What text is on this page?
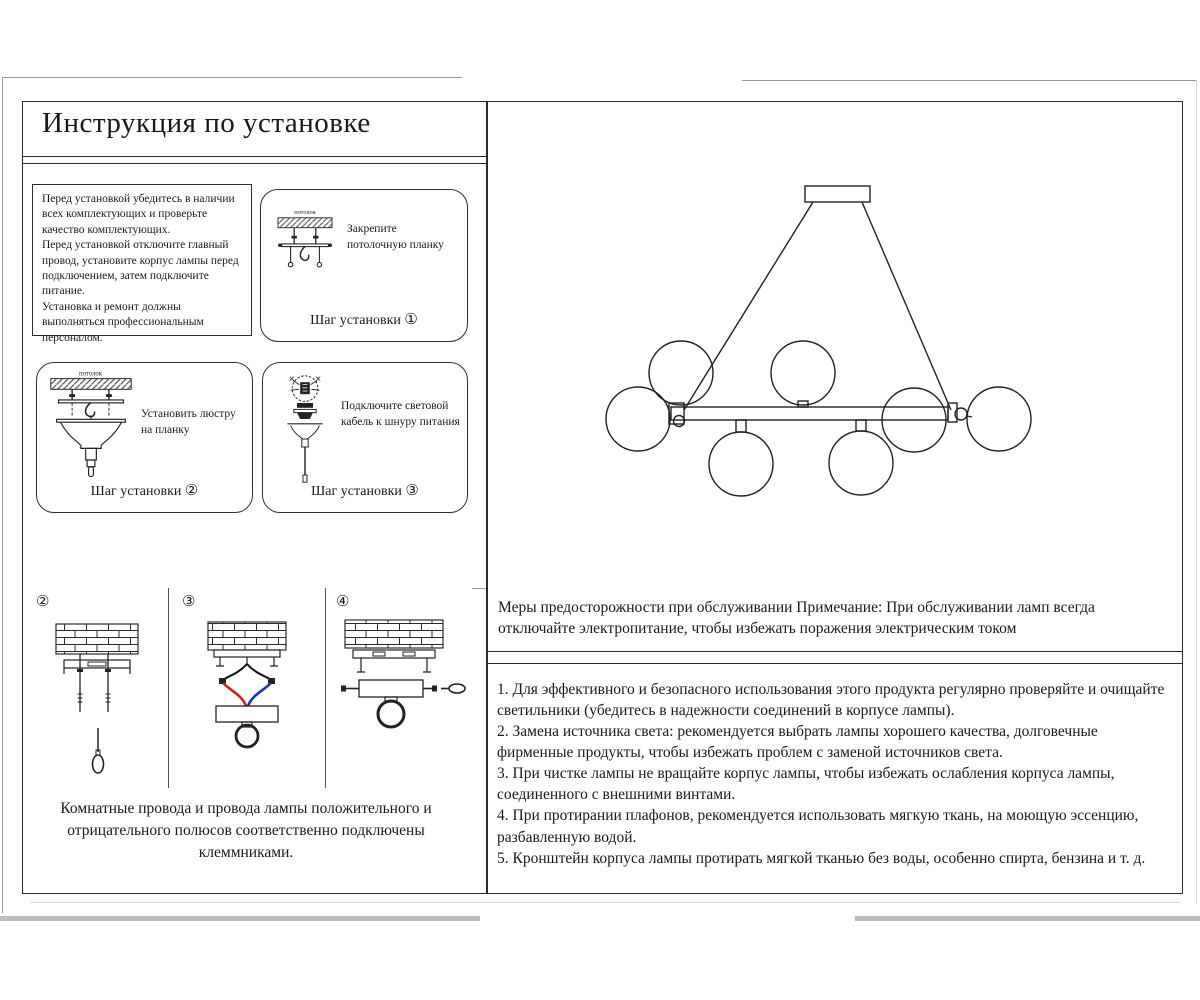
Инструкция по установке

Перед установкой убедитесь в наличии всех комплектующих и проверьте качество комплектующих.

Перед установкой отключите главный провод, установите корпус лампы перед подключением, затем подключите питание.

Установка и ремонт должны выполняться профессиональным персоналом.

потолок
Закрепите потолочную планку
Шаг установки ①
потолок
Установить люстру на планку
Шаг установки ②
Подключите световой кабель к шнуру питания
Шаг установки ③
②	③	④
Комнатные провода и провода лампы положительного и отрицательного полюсов соответственно подключены клеммниками.
Меры предосторожности при обслуживании Примечание: При обслуживании ламп всегда отключайте электропитание, чтобы избежать поражения электрическим током
1. Для эффективного и безопасного использования этого продукта регулярно проверяйте и очищайте светильники (убедитесь в надежности соединений в корпусе лампы).
2. Замена источника света: рекомендуется выбрать лампы хорошего качества, долговечные фирменные продукты, чтобы избежать проблем с заменой источников света.
3. При чистке лампы не вращайте корпус лампы, чтобы избежать ослабления корпуса лампы, соединенного с внешними винтами.
4. При протирании плафонов, рекомендуется использовать мягкую ткань, на моющую эссенцию, разбавленную водой.
5. Кронштейн корпуса лампы протирать мягкой тканью без воды, особенно спирта, бензина и т. д.
